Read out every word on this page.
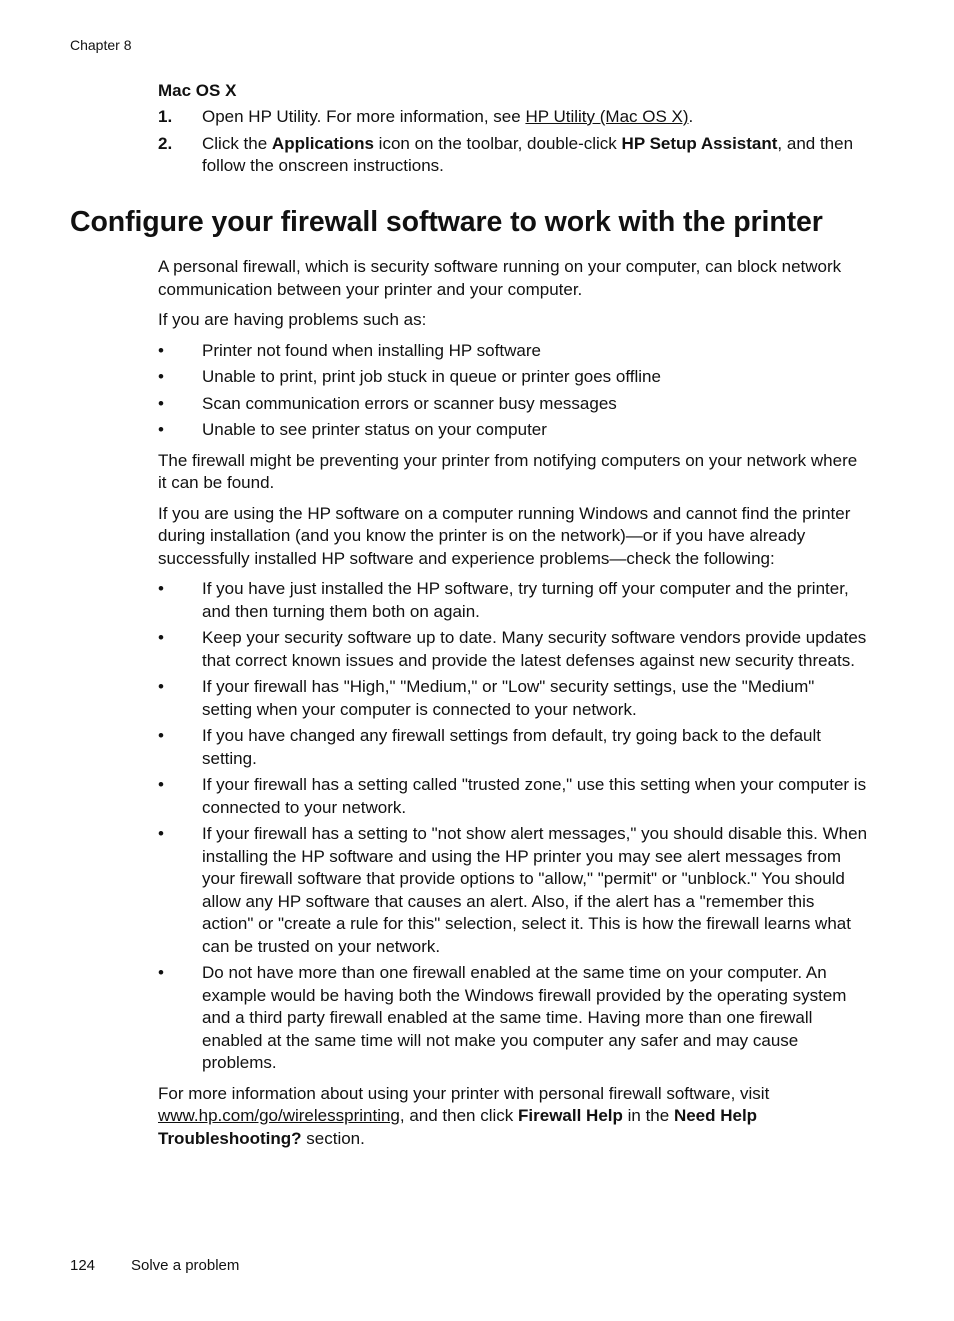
Chapter 8
Mac OS X
1. Open HP Utility. For more information, see HP Utility (Mac OS X).
2. Click the Applications icon on the toolbar, double-click HP Setup Assistant, and then follow the onscreen instructions.
Configure your firewall software to work with the printer

A personal firewall, which is security software running on your computer, can block network communication between your printer and your computer.

If you are having problems such as:

• Printer not found when installing HP software
• Unable to print, print job stuck in queue or printer goes offline
• Scan communication errors or scanner busy messages
• Unable to see printer status on your computer

The firewall might be preventing your printer from notifying computers on your network where it can be found.

If you are using the HP software on a computer running Windows and cannot find the printer during installation (and you know the printer is on the network)—or if you have already successfully installed HP software and experience problems—check the following:

• If you have just installed the HP software, try turning off your computer and the printer, and then turning them both on again.
• Keep your security software up to date. Many security software vendors provide updates that correct known issues and provide the latest defenses against new security threats.
• If your firewall has "High," "Medium," or "Low" security settings, use the "Medium" setting when your computer is connected to your network.
• If you have changed any firewall settings from default, try going back to the default setting.
• If your firewall has a setting called "trusted zone," use this setting when your computer is connected to your network.
• If your firewall has a setting to "not show alert messages," you should disable this. When installing the HP software and using the HP printer you may see alert messages from your firewall software that provide options to "allow," "permit" or "unblock." You should allow any HP software that causes an alert. Also, if the alert has a "remember this action" or "create a rule for this" selection, select it. This is how the firewall learns what can be trusted on your network.
• Do not have more than one firewall enabled at the same time on your computer. An example would be having both the Windows firewall provided by the operating system and a third party firewall enabled at the same time. Having more than one firewall enabled at the same time will not make you computer any safer and may cause problems.

For more information about using your printer with personal firewall software, visit www.hp.com/go/wirelessprinting, and then click Firewall Help in the Need Help Troubleshooting? section.

124 Solve a problem
